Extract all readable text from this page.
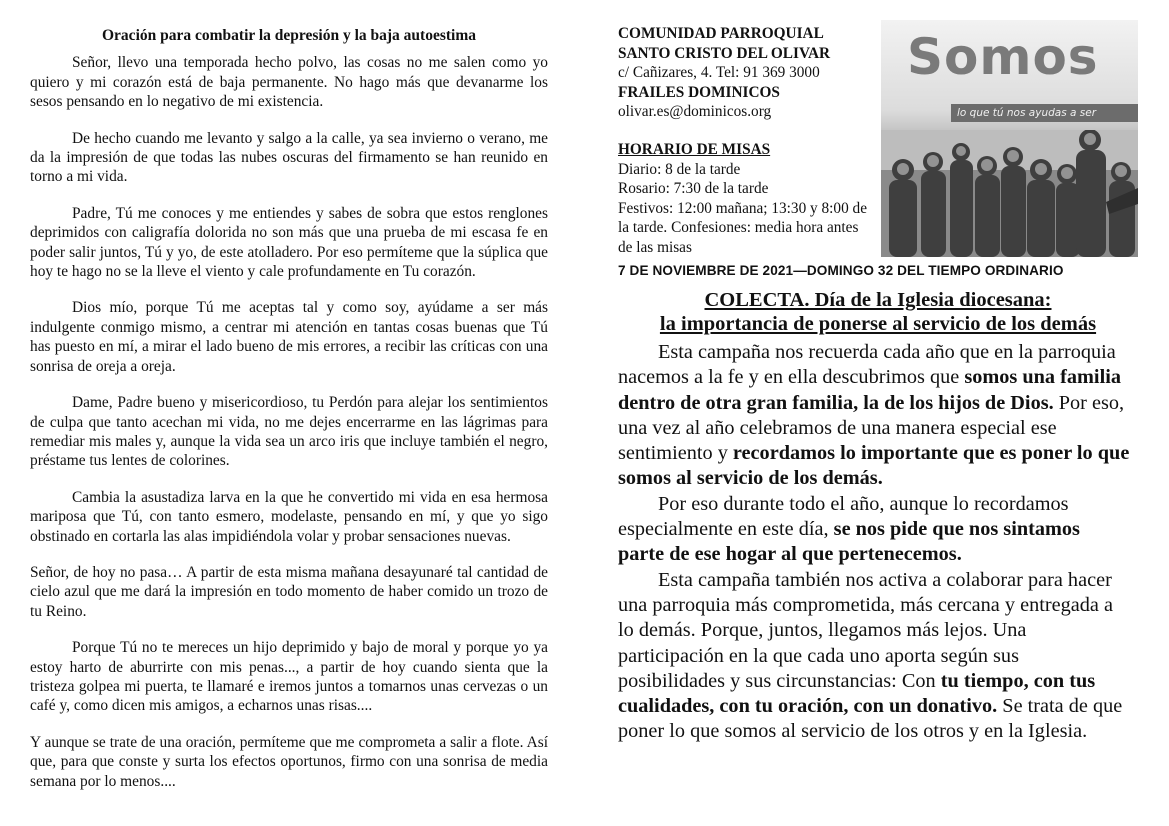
Oración para combatir la depresión y la baja autoestima

Señor, llevo una temporada hecho polvo, las cosas no me salen como yo quiero y mi corazón está de baja permanente. No hago más que devanarme los sesos pensando en lo negativo de mi existencia.

De hecho cuando me levanto y salgo a la calle, ya sea invierno o verano, me da la impresión de que todas las nubes oscuras del firmamento se han reunido en torno a mi vida.

Padre, Tú me conoces y me entiendes y sabes de sobra que estos renglones deprimidos con caligrafía dolorida no son más que una prueba de mi escasa fe en poder salir juntos, Tú y yo, de este atolladero. Por eso permíteme que la súplica que hoy te hago no se la lleve el viento y cale profundamente en Tu corazón.

Dios mío, porque Tú me aceptas tal y como soy, ayúdame a ser más indulgente conmigo mismo, a centrar mi atención en tantas cosas buenas que Tú has puesto en mí, a mirar el lado bueno de mis errores, a recibir las críticas con una sonrisa de oreja a oreja.

Dame, Padre bueno y misericordioso, tu Perdón para alejar los sentimientos de culpa que tanto acechan mi vida, no me dejes encerrarme en las lágrimas para remediar mis males y, aunque la vida sea un arco iris que incluye también el negro, préstame tus lentes de colorines.

Cambia la asustadiza larva en la que he convertido mi vida en esa hermosa mariposa que Tú, con tanto esmero, modelaste, pensando en mí, y que yo sigo obstinado en cortarla las alas impidiéndola volar y probar sensaciones nuevas.

Señor, de hoy no pasa… A partir de esta misma mañana desayunaré tal cantidad de cielo azul que me dará la impresión en todo momento de haber comido un trozo de tu Reino.

Porque Tú no te mereces un hijo deprimido y bajo de moral y porque yo ya estoy harto de aburrirte con mis penas..., a partir de hoy cuando sienta que la tristeza golpea mi puerta, te llamaré e iremos juntos a tomarnos unas cervezas o un café y, como dicen mis amigos, a echarnos unas risas....

Y aunque se trate de una oración, permíteme que me comprometa a salir a flote. Así que, para que conste y surta los efectos oportunos, firmo con una sonrisa de media semana por lo menos....

COMUNIDAD PARROQUIAL
SANTO CRISTO DEL OLIVAR
c/ Cañizares, 4. Tel: 91 369 3000
FRAILES DOMINICOS
olivar.es@dominicos.org
HORARIO DE MISAS
Diario: 8 de la tarde
Rosario: 7:30 de la tarde
Festivos: 12:00 mañana; 13:30 y 8:00 de la tarde. Confesiones: media hora antes de las misas
Somos
lo que tú nos ayudas a ser
7 DE NOVIEMBRE DE 2021—DOMINGO 32 DEL TIEMPO ORDINARIO
COLECTA. Día de la Iglesia diocesana:
la importancia de ponerse al servicio de los demás

Esta campaña nos recuerda cada año que en la parroquia nacemos a la fe y en ella descubrimos que somos una familia dentro de otra gran familia, la de los hijos de Dios. Por eso, una vez al año celebramos de una manera especial ese sentimiento y recordamos lo importante que es poner lo que somos al servicio de los demás.

Por eso durante todo el año, aunque lo recordamos especialmente en este día, se nos pide que nos sintamos parte de ese hogar al que pertenecemos.

Esta campaña también nos activa a colaborar para hacer una parroquia más comprometida, más cercana y entregada a lo demás. Porque, juntos, llegamos más lejos. Una participación en la que cada uno aporta según sus posibilidades y sus circunstancias: Con tu tiempo, con tus cualidades, con tu oración, con un donativo. Se trata de que poner lo que somos al servicio de los otros y en la Iglesia.
